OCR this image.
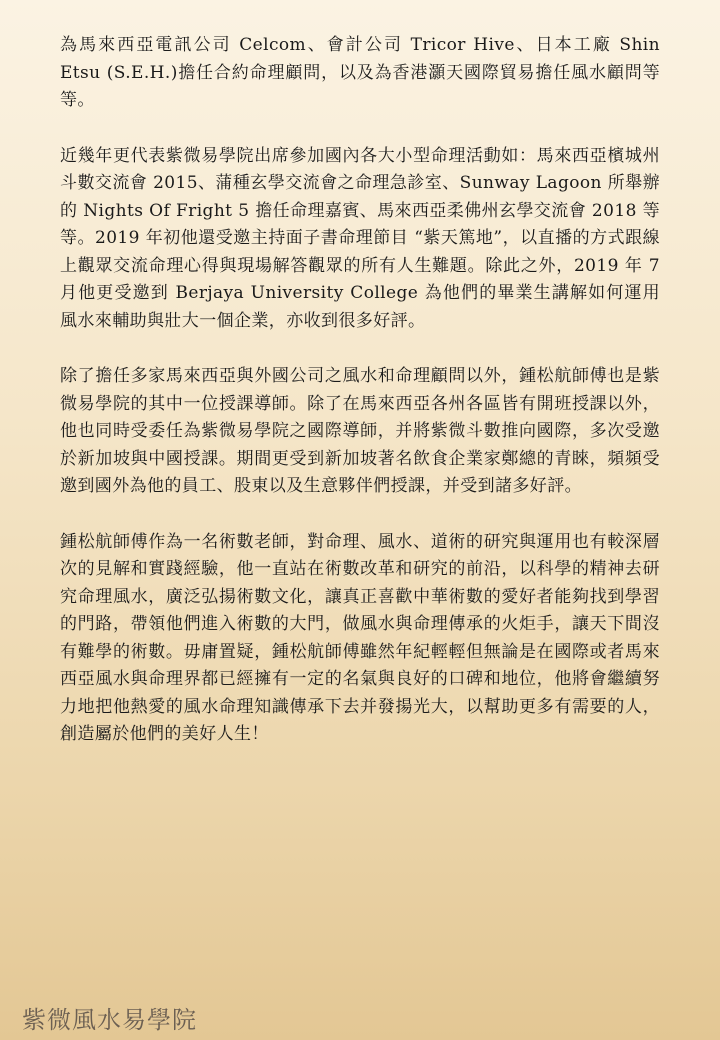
為馬來西亞電訊公司 Celcom、會計公司 Tricor Hive、日本工廠 Shin Etsu (S.E.H.)擔任合約命理顧問，以及為香港灝天國際貿易擔任風水顧問等等。

近幾年更代表紫微易學院出席參加國內各大小型命理活動如：馬來西亞檳城州斗數交流會 2015、蒲種玄學交流會之命理急診室、Sunway Lagoon 所舉辦的 Nights Of Fright 5 擔任命理嘉賓、馬來西亞柔佛州玄學交流會 2018 等等。2019 年初他還受邀主持面子書命理節目 “紫天篤地”，以直播的方式跟線上觀眾交流命理心得與現場解答觀眾的所有人生難題。除此之外，2019 年 7 月他更受邀到 Berjaya University College 為他們的畢業生講解如何運用風水來輔助與壯大一個企業，亦收到很多好評。

除了擔任多家馬來西亞與外國公司之風水和命理顧問以外，鍾松航師傅也是紫微易學院的其中一位授課導師。除了在馬來西亞各州各區皆有開班授課以外，他也同時受委任為紫微易學院之國際導師，并將紫微斗數推向國際，多次受邀於新加坡與中國授課。期間更受到新加坡著名飲食企業家鄭總的青睞，頻頻受邀到國外為他的員工、股東以及生意夥伴們授課，并受到諸多好評。

鍾松航師傅作為一名術數老師，對命理、風水、道術的研究與運用也有較深層次的見解和實踐經驗，他一直站在術數改革和研究的前沿，以科學的精神去研究命理風水，廣泛弘揚術數文化，讓真正喜歡中華術數的愛好者能夠找到學習的門路，帶領他們進入術數的大門，做風水與命理傳承的火炬手，讓天下間沒有難學的術數。毋庸置疑，鍾松航師傅雖然年紀輕輕但無論是在國際或者馬來西亞風水與命理界都已經擁有一定的名氣與良好的口碑和地位，他將會繼續努力地把他熱愛的風水命理知識傳承下去并發揚光大，以幫助更多有需要的人，創造屬於他們的美好人生！

紫微風水易學院
